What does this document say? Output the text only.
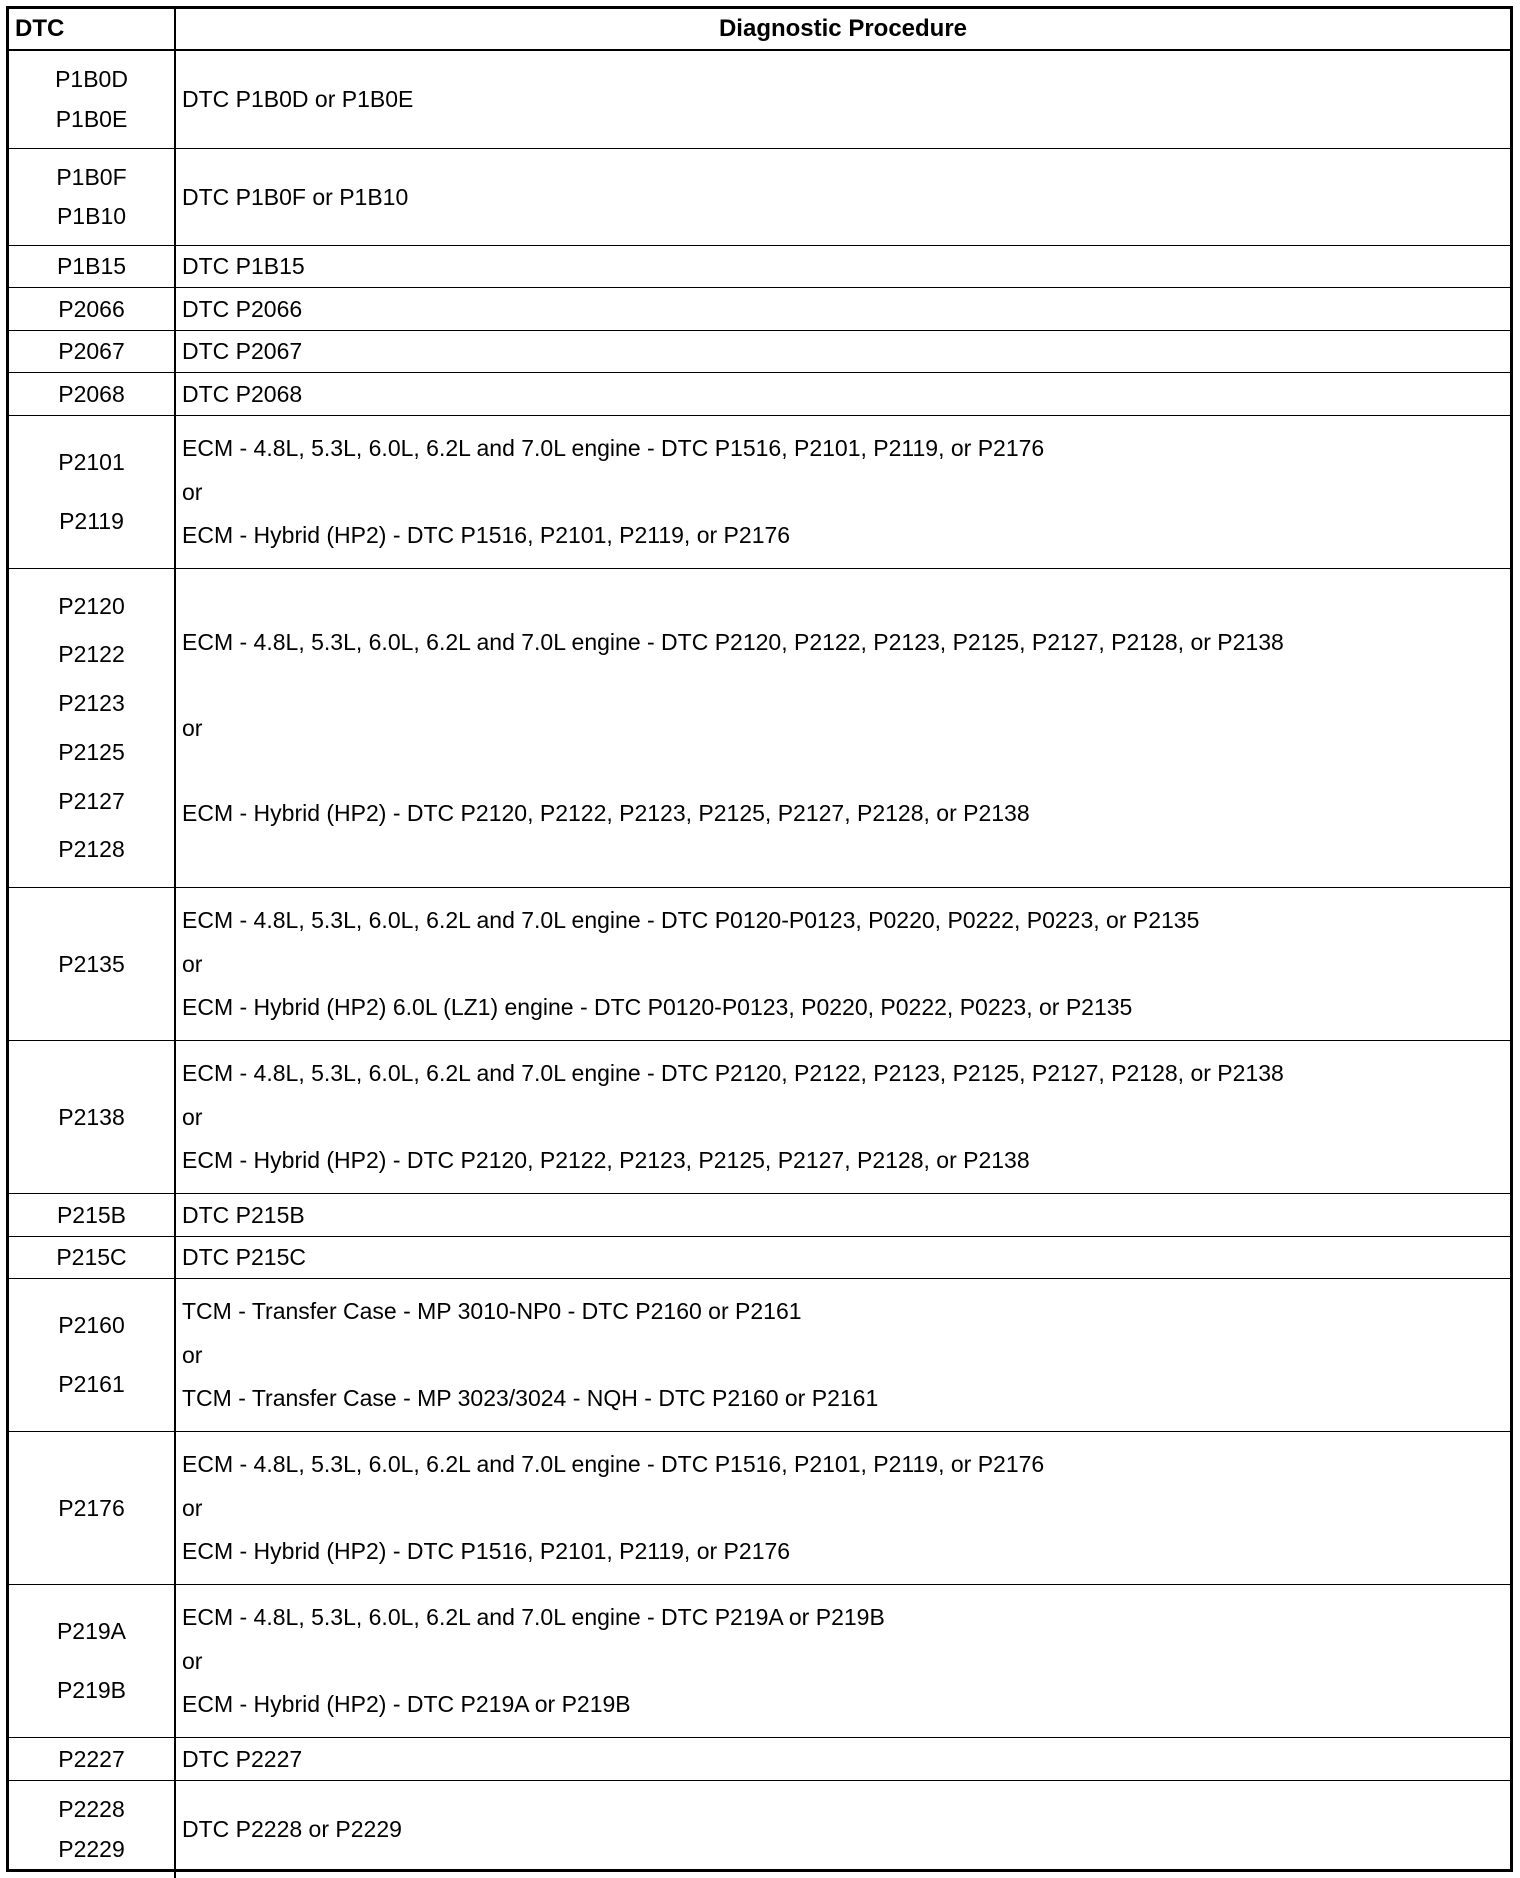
DTC	Diagnostic Procedure
P1B0D
P1B0E
DTC P1B0D or P1B0E
P1B0F
P1B10
DTC P1B0F or P1B10
P1B15 DTC P1B15
P2066 DTC P2066
P2067 DTC P2067
P2068 DTC P2068
P2101
P2119
ECM - 4.8L, 5.3L, 6.0L, 6.2L and 7.0L engine - DTC P1516, P2101, P2119, or P2176
or
ECM - Hybrid (HP2) - DTC P1516, P2101, P2119, or P2176
P2120
P2122
P2123
P2125
P2127
P2128
ECM - 4.8L, 5.3L, 6.0L, 6.2L and 7.0L engine - DTC P2120, P2122, P2123, P2125, P2127, P2128, or P2138
or
ECM - Hybrid (HP2) - DTC P2120, P2122, P2123, P2125, P2127, P2128, or P2138
P2135
ECM - 4.8L, 5.3L, 6.0L, 6.2L and 7.0L engine - DTC P0120-P0123, P0220, P0222, P0223, or P2135
or
ECM - Hybrid (HP2) 6.0L (LZ1) engine - DTC P0120-P0123, P0220, P0222, P0223, or P2135
P2138
ECM - 4.8L, 5.3L, 6.0L, 6.2L and 7.0L engine - DTC P2120, P2122, P2123, P2125, P2127, P2128, or P2138
or
ECM - Hybrid (HP2) - DTC P2120, P2122, P2123, P2125, P2127, P2128, or P2138
P215B DTC P215B
P215C DTC P215C
P2160
P2161
TCM - Transfer Case - MP 3010-NP0 - DTC P2160 or P2161
or
TCM - Transfer Case - MP 3023/3024 - NQH - DTC P2160 or P2161
P2176
ECM - 4.8L, 5.3L, 6.0L, 6.2L and 7.0L engine - DTC P1516, P2101, P2119, or P2176
or
ECM - Hybrid (HP2) - DTC P1516, P2101, P2119, or P2176
P219A
P219B
ECM - 4.8L, 5.3L, 6.0L, 6.2L and 7.0L engine - DTC P219A or P219B
or
ECM - Hybrid (HP2) - DTC P219A or P219B
P2227 DTC P2227
P2228
P2229
DTC P2228 or P2229
